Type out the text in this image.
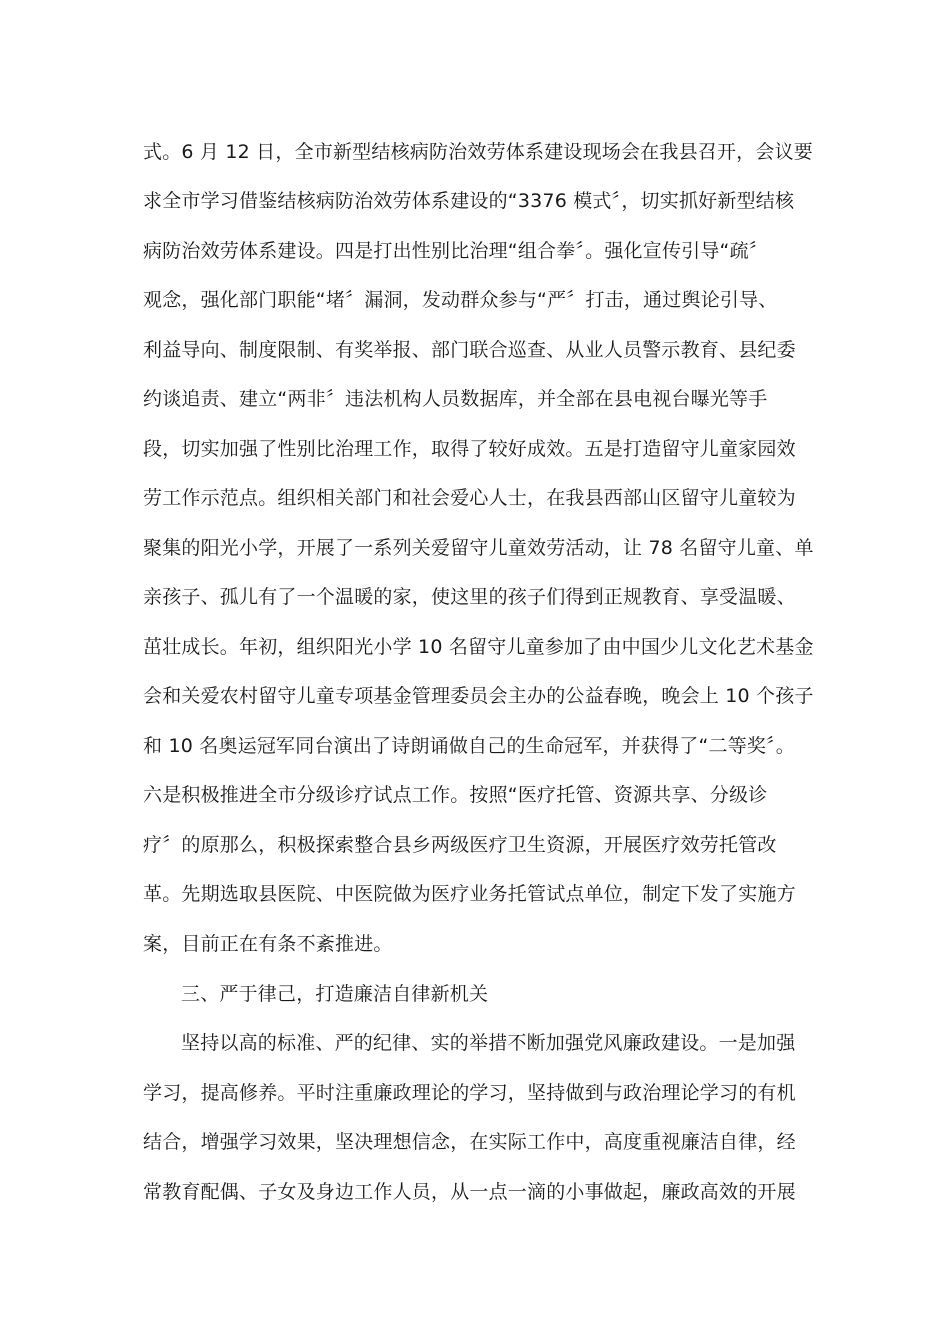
式。6 月 12 日，全市新型结核病防治效劳体系建设现场会在我县召开，会议要
求全市学习借鉴结核病防治效劳体系建设的“3376 模式〞，切实抓好新型结核
病防治效劳体系建设。四是打出性别比治理“组合拳〞。强化宣传引导“疏〞
观念，强化部门职能“堵〞漏洞，发动群众参与“严〞打击，通过舆论引导、
利益导向、制度限制、有奖举报、部门联合巡查、从业人员警示教育、县纪委
约谈追责、建立“两非〞违法机构人员数据库，并全部在县电视台曝光等手
段，切实加强了性别比治理工作，取得了较好成效。五是打造留守儿童家园效
劳工作示范点。组织相关部门和社会爱心人士，在我县西部山区留守儿童较为
聚集的阳光小学，开展了一系列关爱留守儿童效劳活动，让 78 名留守儿童、单
亲孩子、孤儿有了一个温暖的家，使这里的孩子们得到正规教育、享受温暖、
茁壮成长。年初，组织阳光小学 10 名留守儿童参加了由中国少儿文化艺术基金
会和关爱农村留守儿童专项基金管理委员会主办的公益春晚，晚会上 10 个孩子
和 10 名奥运冠军同台演出了诗朗诵做自己的生命冠军，并获得了“二等奖〞。
六是积极推进全市分级诊疗试点工作。按照“医疗托管、资源共享、分级诊
疗〞的原那么，积极探索整合县乡两级医疗卫生资源，开展医疗效劳托管改
革。先期选取县医院、中医院做为医疗业务托管试点单位，制定下发了实施方
案，目前正在有条不紊推进。
三、严于律己，打造廉洁自律新机关
坚持以高的标准、严的纪律、实的举措不断加强党风廉政建设。一是加强
学习，提高修养。平时注重廉政理论的学习，坚持做到与政治理论学习的有机
结合，增强学习效果，坚决理想信念，在实际工作中，高度重视廉洁自律，经
常教育配偶、子女及身边工作人员，从一点一滴的小事做起，廉政高效的开展
